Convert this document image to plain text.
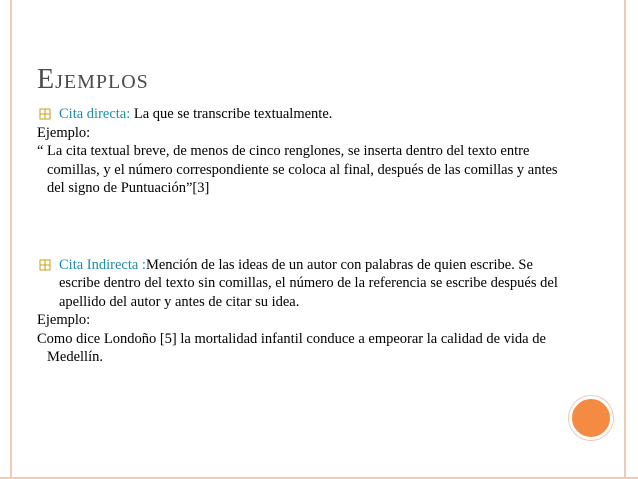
Ejemplos

Cita directa: La que se transcribe textualmente.

Ejemplo:

“ La cita textual breve, de menos de cinco renglones, se inserta dentro del texto entre comillas, y el número correspondiente se coloca al final, después de las comillas y antes del signo de Puntuación”[3]

Cita Indirecta :Mención de las ideas de un autor con palabras de quien escribe. Se escribe dentro del texto sin comillas, el número de la referencia se escribe después del apellido del autor y antes de citar su idea.

Ejemplo:

Como dice Londoño [5] la mortalidad infantil conduce a empeorar la calidad de vida de Medellín.
